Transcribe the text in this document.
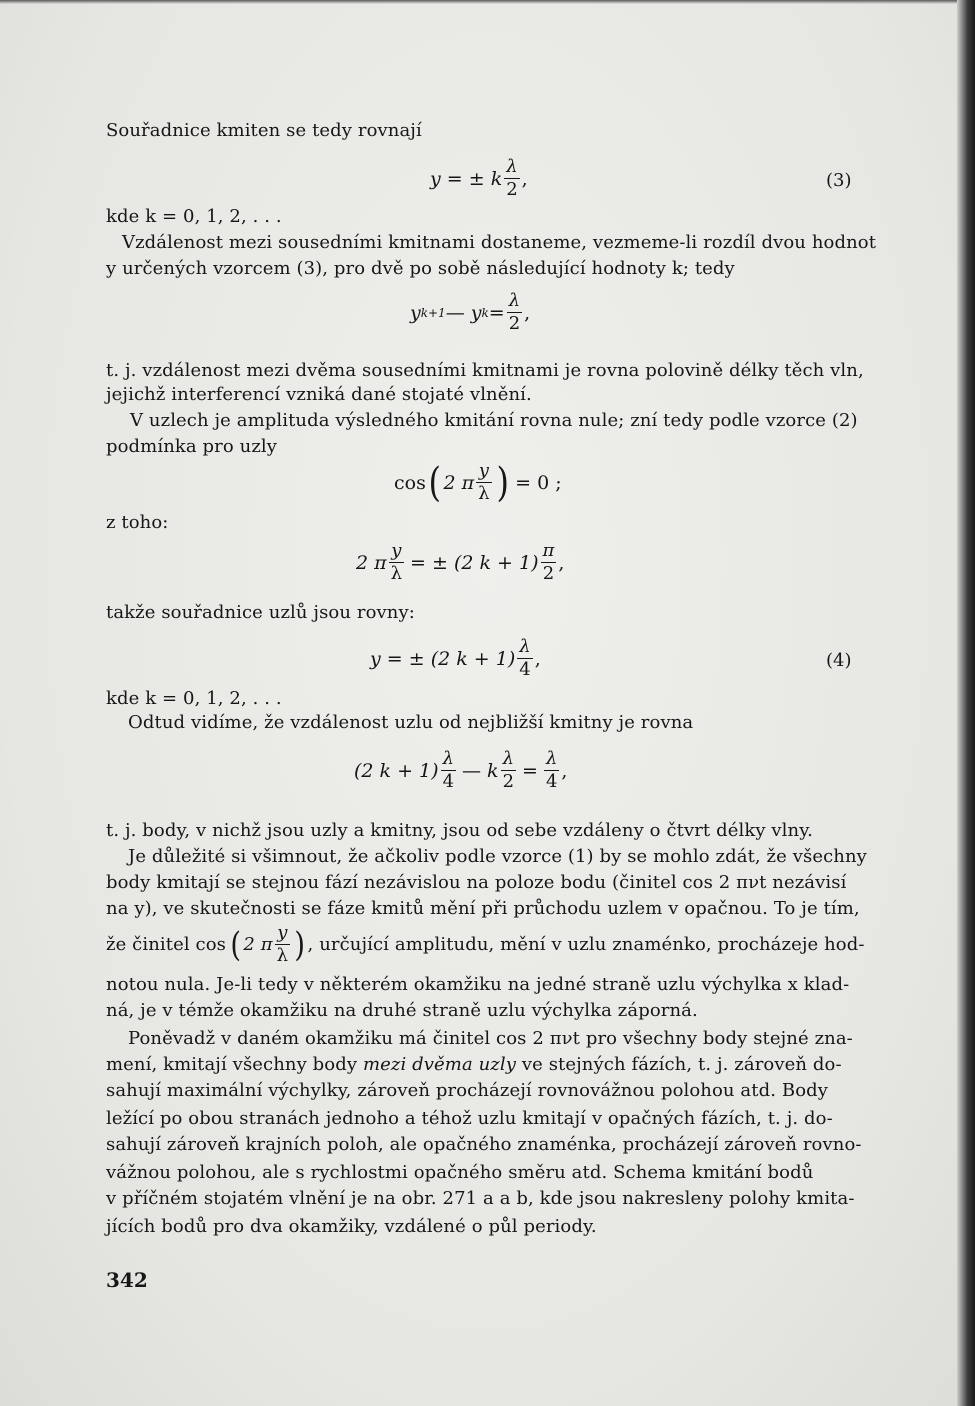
Souřadnice kmiten se tedy rovnají
y = ± k $\frac{\lambda}{2}$ ,	(3)
kde k = 0, 1, 2, . . .
Vzdálenost mezi sousedními kmitnami dostaneme, vezmeme-li rozdíl dvou hodnot
y určených vzorcem (3), pro dvě po sobě následující hodnoty k; tedy
y k+1 — y $k = \frac{\lambda}{2}$ ,
t. j. vzdálenost mezi dvěma sousedními kmitnami je rovna polovině délky těch vln,
jejichž interferencí vzniká dané stojaté vlnění.
V uzlech je amplituda výsledného kmitání rovna nule; zní tedy podle vzorce (2)
podmínka pro uzly
cos ( 2 π $\frac{y}{\lambda}$ ) = 0 ;
z toho:
2 π $\frac{y}{\lambda}$ = ± (2 $k + 1) \frac{\pi}{2}$ ,
takže souřadnice uzlů jsou rovny:
y = ± (2 $k + 1) \frac{\lambda}{4}$ ,	(4)
kde k = 0, 1, 2, . . .
Odtud vidíme, že vzdálenost uzlu od nejbližší kmitny je rovna
(2 $k + 1) \frac{\lambda}{4}$ — k $\frac{\lambda}{2} = \frac{\lambda}{4}$ ,
t. j. body, v nichž jsou uzly a kmitny, jsou od sebe vzdáleny o čtvrt délky vlny.
Je důležité si všimnout, že ačkoliv podle vzorce (1) by se mohlo zdát, že všechny
body kmitají se stejnou fází nezávislou na poloze bodu (činitel cos 2 πνt nezávisí
na y), ve skutečnosti se fáze kmitů mění při průchodu uzlem v opačnou. To je tím,
že činitel cos ( 2 π $\frac{y}{\lambda}$ ) , určující amplitudu, mění v uzlu znaménko, procházeje hod-
notou nula. Je-li tedy v některém okamžiku na jedné straně uzlu výchylka x klad-
ná, je v témže okamžiku na druhé straně uzlu výchylka záporná.
Poněvadž v daném okamžiku má činitel cos 2 πνt pro všechny body stejné zna-
mení, kmitají všechny body mezi dvěma uzly ve stejných fázích, t. j. zároveň do-
sahují maximální výchylky, zároveň procházejí rovnovážnou polohou atd. Body
ležící po obou stranách jednoho a téhož uzlu kmitají v opačných fázích, t. j. do-
sahují zároveň krajních poloh, ale opačného znaménka, procházejí zároveň rovno-
vážnou polohou, ale s rychlostmi opačného směru atd. Schema kmitání bodů
v příčném stojatém vlnění je na obr. 271 a a b, kde jsou nakresleny polohy kmita-
jících bodů pro dva okamžiky, vzdálené o půl periody.
342
